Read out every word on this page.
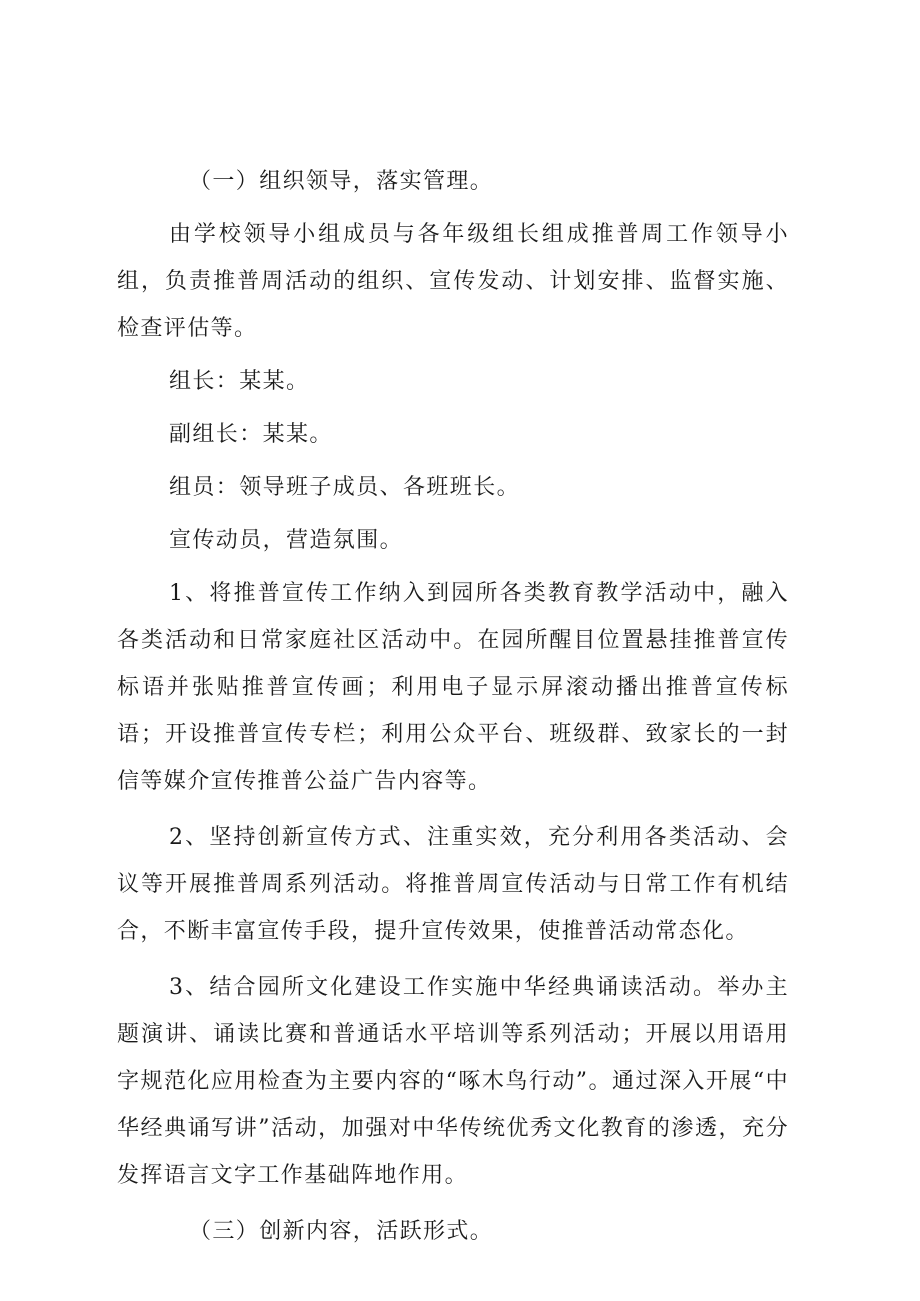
（一）组织领导，落实管理。

由学校领导小组成员与各年级组长组成推普周工作领导小组，负责推普周活动的组织、宣传发动、计划安排、监督实施、检查评估等。

组长：某某。

副组长：某某。

组员：领导班子成员、各班班长。

宣传动员，营造氛围。

1、将推普宣传工作纳入到园所各类教育教学活动中，融入各类活动和日常家庭社区活动中。在园所醒目位置悬挂推普宣传标语并张贴推普宣传画；利用电子显示屏滚动播出推普宣传标语；开设推普宣传专栏；利用公众平台、班级群、致家长的一封信等媒介宣传推普公益广告内容等。

2、坚持创新宣传方式、注重实效，充分利用各类活动、会议等开展推普周系列活动。将推普周宣传活动与日常工作有机结合，不断丰富宣传手段，提升宣传效果，使推普活动常态化。

3、结合园所文化建设工作实施中华经典诵读活动。举办主题演讲、诵读比赛和普通话水平培训等系列活动；开展以用语用字规范化应用检查为主要内容的“啄木鸟行动”。通过深入开展“中华经典诵写讲”活动，加强对中华传统优秀文化教育的渗透，充分发挥语言文字工作基础阵地作用。

（三）创新内容，活跃形式。
